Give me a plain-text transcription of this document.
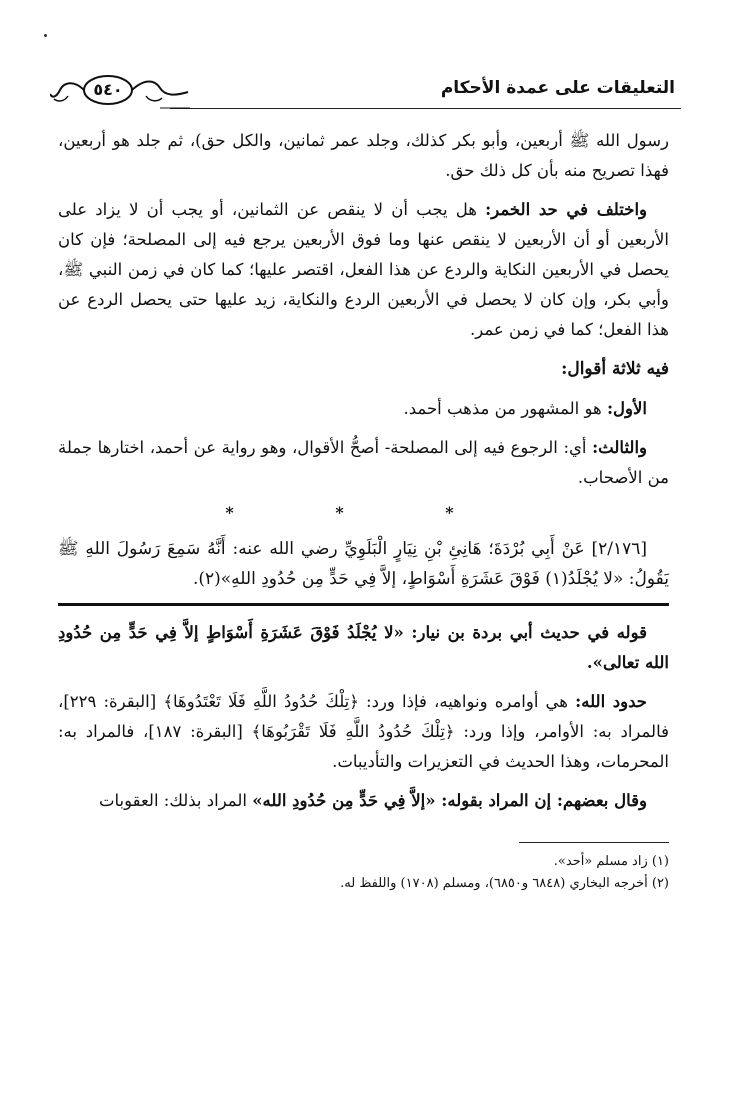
التعليقات على عمدة الأحكام
٥٤٠

رسول الله ﷺ أربعين، وأبو بكر كذلك، وجلد عمر ثمانين، والكل حق)، ثم جلد هو أربعين، فهذا تصريح منه بأن كل ذلك حق.

واختلف في حد الخمر: هل يجب أن لا ينقص عن الثمانين، أو يجب أن لا يزاد على الأربعين أو أن الأربعين لا ينقص عنها وما فوق الأربعين يرجع فيه إلى المصلحة؛ فإن كان يحصل في الأربعين النكاية والردع عن هذا الفعل، اقتصر عليها؛ كما كان في زمن النبي ﷺ، وأبي بكر، وإن كان لا يحصل في الأربعين الردع والنكاية، زيد عليها حتى يحصل الردع عن هذا الفعل؛ كما في زمن عمر.

فيه ثلاثة أقوال:

الأول: هو المشهور من مذهب أحمد.

والثالث: أي: الرجوع فيه إلى المصلحة- أصحُّ الأقوال، وهو رواية عن أحمد، اختارها جملة من الأصحاب.

* * *

[٢/١٧٦] عَنْ أَبِي بُرْدَةَ؛ هَانِئِ بْنِ نِيَارٍ الْبَلَوِيِّ رضي الله عنه: أَنَّهُ سَمِعَ رَسُولَ اللهِ ﷺ يَقُولُ: «لا يُجْلَدُ(١) فَوْقَ عَشَرَةِ أَسْوَاطٍ، إلاَّ فِي حَدٍّ مِن حُدُودِ اللهِ»(٢).

قوله في حديث أبي بردة بن نيار: «لا يُجْلَدُ فَوْقَ عَشَرَةِ أَسْوَاطٍ إلاَّ فِي حَدٍّ مِن حُدُودِ الله تعالى».

حدود الله: هي أوامره ونواهيه، فإذا ورد: ﴿تِلْكَ حُدُودُ اللَّهِ فَلَا تَعْتَدُوهَا﴾ [البقرة: ٢٢٩]، فالمراد به: الأوامر، وإذا ورد: ﴿تِلْكَ حُدُودُ اللَّهِ فَلَا تَقْرَبُوهَا﴾ [البقرة: ١٨٧]، فالمراد به: المحرمات، وهذا الحديث في التعزيرات والتأديبات.

وقال بعضهم: إن المراد بقوله: «إلاَّ فِي حَدٍّ مِن حُدُودِ الله» المراد بذلك: العقوبات

(١) زاد مسلم «أحد».

(٢) أخرجه البخاري (٦٨٤٨ و٦٨٥٠)، ومسلم (١٧٠٨) واللفظ له.
